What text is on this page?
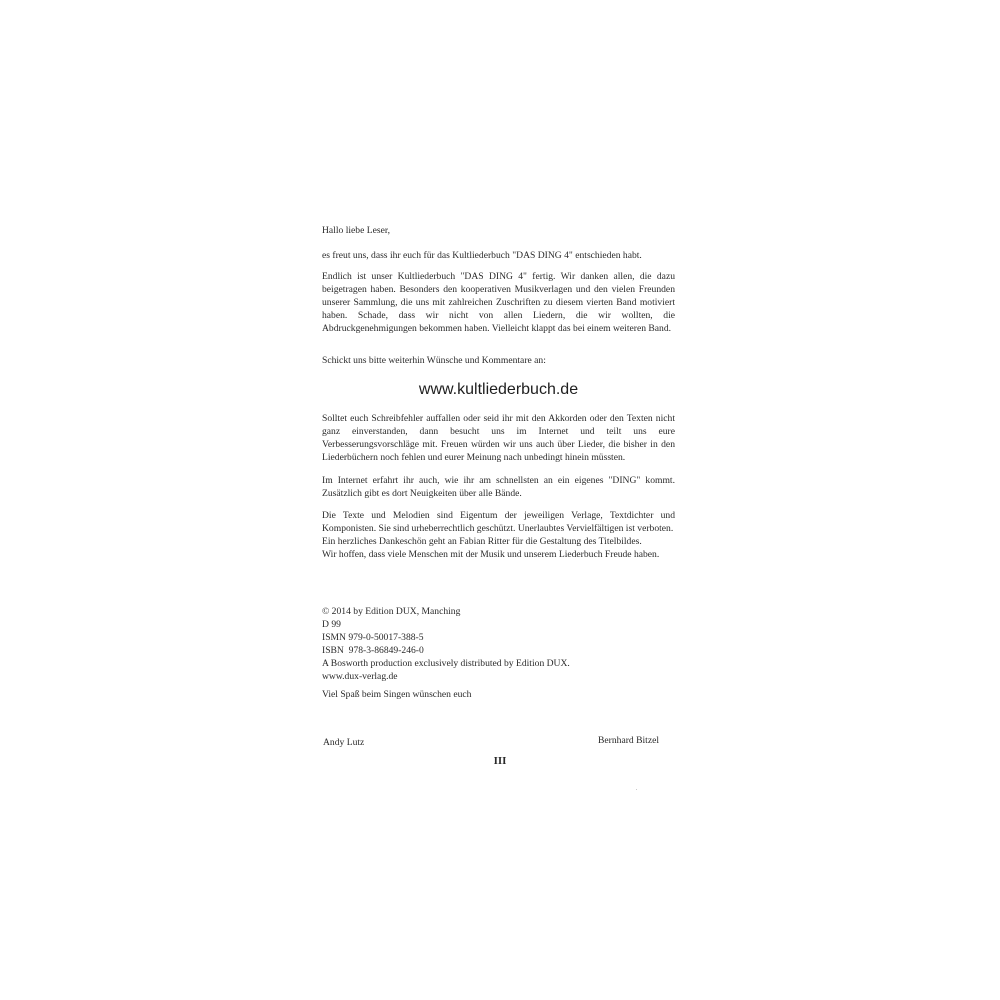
Hallo liebe Leser,
es freut uns, dass ihr euch für das Kultliederbuch "DAS DING 4" entschieden habt.
Endlich ist unser Kultliederbuch "DAS DING 4" fertig. Wir danken allen, die dazu beigetragen haben. Besonders den kooperativen Musikverlagen und den vielen Freunden unserer Sammlung, die uns mit zahlreichen Zuschriften zu diesem vierten Band motiviert haben. Schade, dass wir nicht von allen Liedern, die wir wollten, die Abdruckgenehmigungen bekommen haben. Vielleicht klappt das bei einem weiteren Band.
Schickt uns bitte weiterhin Wünsche und Kommentare an:
www.kultliederbuch.de
Solltet euch Schreibfehler auffallen oder seid ihr mit den Akkorden oder den Texten nicht ganz einverstanden, dann besucht uns im Internet und teilt uns eure Verbesserungsvorschläge mit. Freuen würden wir uns auch über Lieder, die bisher in den Liederbüchern noch fehlen und eurer Meinung nach unbedingt hinein müssten.
Im Internet erfahrt ihr auch, wie ihr am schnellsten an ein eigenes "DING" kommt. Zusätzlich gibt es dort Neuigkeiten über alle Bände.
Die Texte und Melodien sind Eigentum der jeweiligen Verlage, Textdichter und Komponisten. Sie sind urheberrechtlich geschützt. Unerlaubtes Vervielfältigen ist verboten.
Ein herzliches Dankeschön geht an Fabian Ritter für die Gestaltung des Titelbildes.
Wir hoffen, dass viele Menschen mit der Musik und unserem Liederbuch Freude haben.
© 2014 by Edition DUX, Manching
D 99
ISMN 979-0-50017-388-5
ISBN  978-3-86849-246-0
A Bosworth production exclusively distributed by Edition DUX.
www.dux-verlag.de
Viel Spaß beim Singen wünschen euch
Andy Lutz	Bernhard Bitzel
III
